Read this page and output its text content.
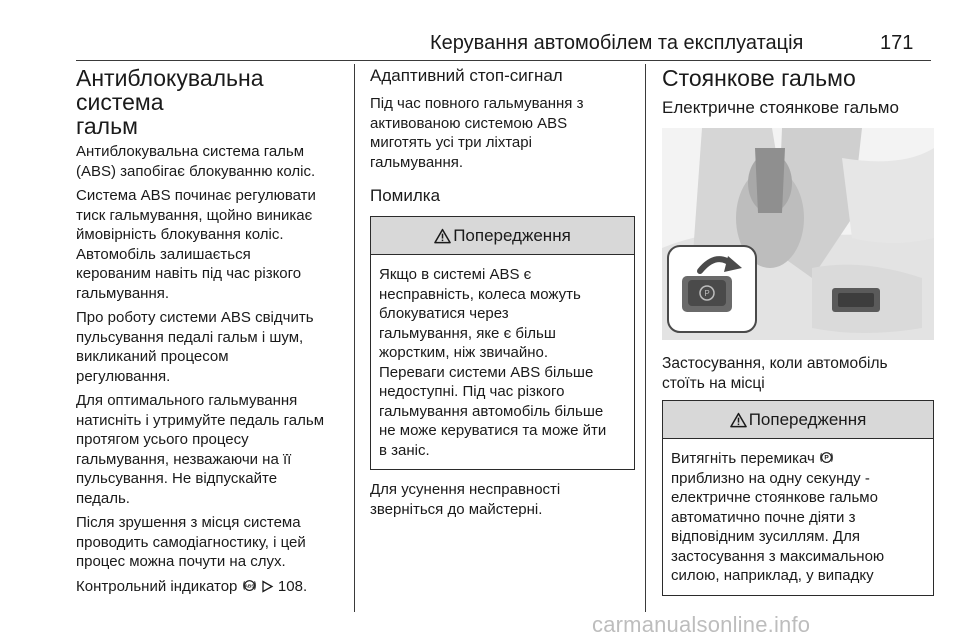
Керування автомобілем та експлуатація	171
Антиблокувальна система
гальм
Антиблокувальна система гальм
(ABS) запобігає блокуванню коліс.
Система ABS починає регулювати
тиск гальмування, щойно виникає
ймовірність блокування коліс.
Автомобіль залишається
керованим навіть під час різкого
гальмування.
Про роботу системи ABS свідчить
пульсування педалі гальм і шум,
викликаний процесом
регулювання.
Для оптимального гальмування
натисніть і утримуйте педаль гальм
протягом усього процесу
гальмування, незважаючи на її
пульсування. Не відпускайте
педаль.
Після зрушення з місця система
проводить самодіагностику, і цей
процес можна почути на слух.
Контрольний індикатор ABS 108.
Адаптивний стоп-сигнал
Під час повного гальмування з
активованою системою ABS
миготять усі три ліхтарі
гальмування.
Помилка
Попередження
Якщо в системі ABS є
несправність, колеса можуть
блокуватися через
гальмування, яке є більш
жорстким, ніж звичайно.
Переваги системи ABS більше
недоступні. Під час різкого
гальмування автомобіль більше
не може керуватися та може йти
в заніс.
Для усунення несправності
зверніться до майстерні.
Стоянкове гальмо
Електричне стоянкове гальмо
P
Застосування, коли автомобіль
стоїть на місці
Попередження
Витягніть перемикач P
приблизно на одну секунду -
електричне стоянкове гальмо
автоматично почне діяти з
відповідним зусиллям. Для
застосування з максимальною
силою, наприклад, у випадку
carmanualsonline.info
